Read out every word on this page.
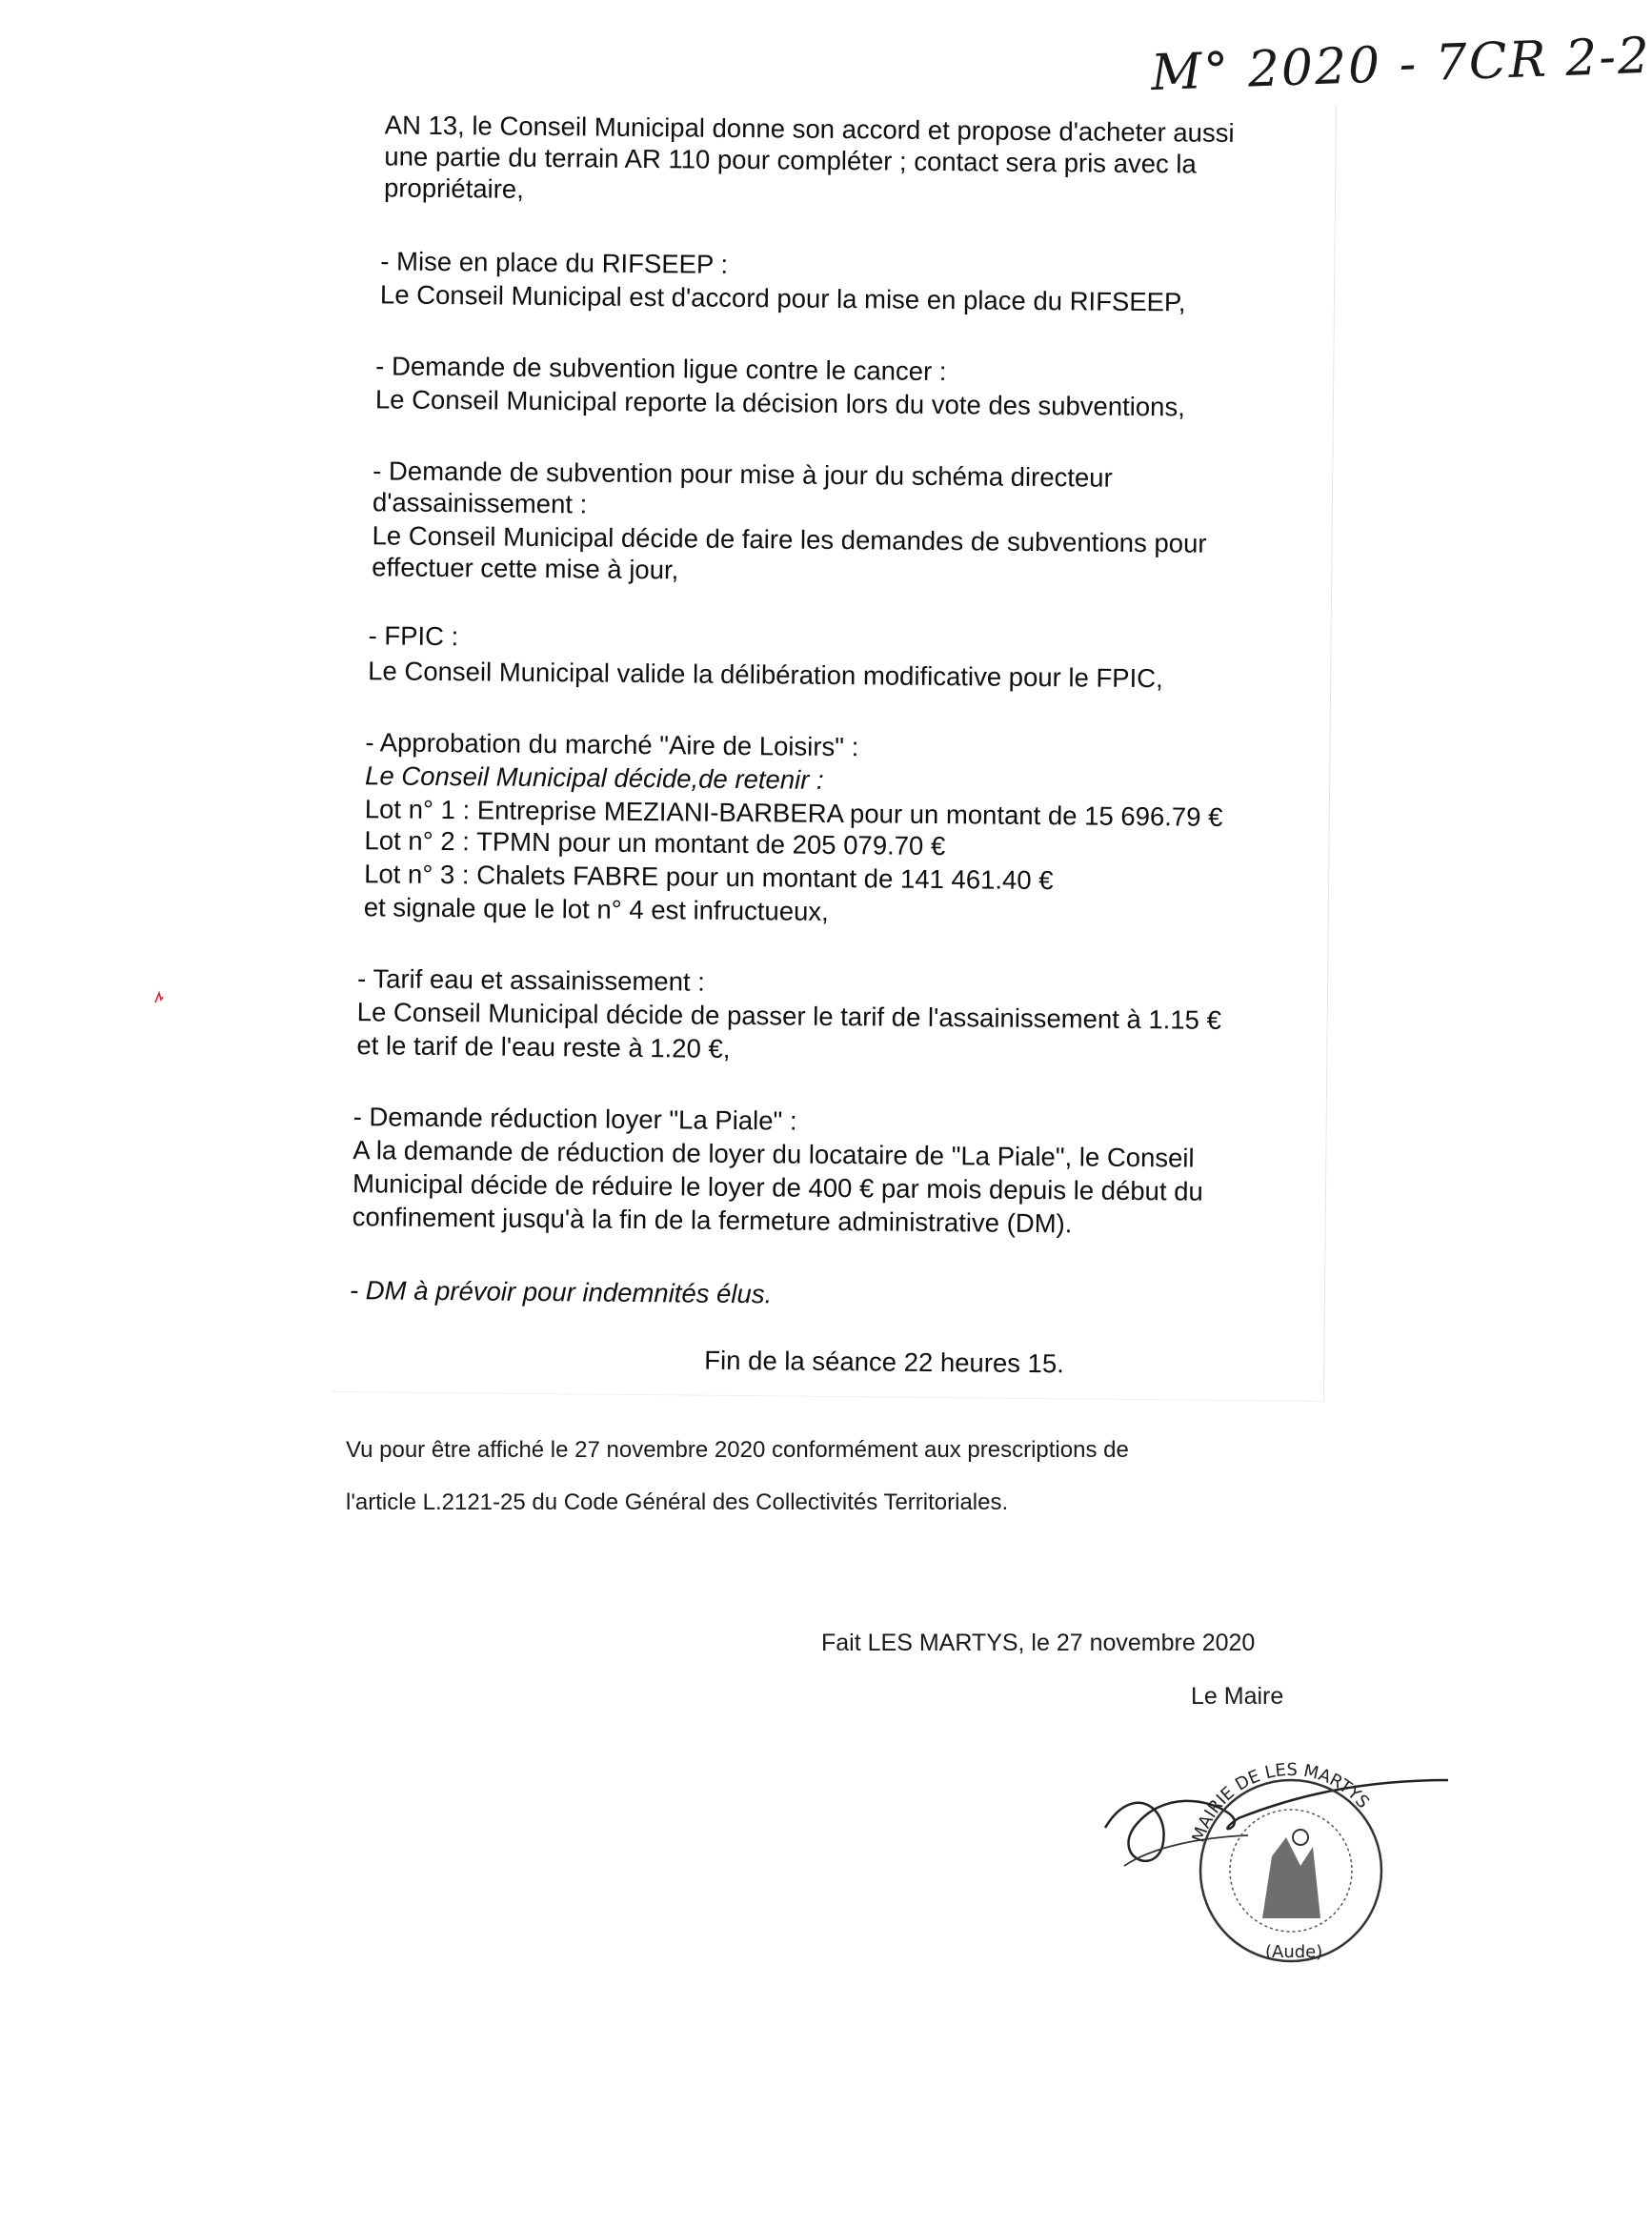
M° 2020 - 7CR 2-2
AN 13, le Conseil Municipal donne son accord et propose d'acheter aussi
une partie du terrain AR 110 pour compléter ; contact sera pris avec la
propriétaire,
- Mise en place du RIFSEEP :
Le Conseil Municipal est d'accord pour la mise en place du RIFSEEP,
- Demande de subvention ligue contre le cancer :
Le Conseil Municipal reporte la décision lors du vote des subventions,
- Demande de subvention pour mise à jour du schéma directeur
d'assainissement :
Le Conseil Municipal décide de faire les demandes de subventions pour
effectuer cette mise à jour,
- FPIC :
Le Conseil Municipal valide la délibération modificative pour le FPIC,
- Approbation du marché "Aire de Loisirs" :
Le Conseil Municipal décide,de retenir :
Lot n° 1 : Entreprise MEZIANI-BARBERA pour un montant de 15 696.79 €
Lot n° 2 : TPMN pour un montant de 205 079.70 €
Lot n° 3 : Chalets FABRE pour un montant de 141 461.40 €
et signale que le lot n° 4 est infructueux,
- Tarif eau et assainissement :
Le Conseil Municipal décide de passer le tarif de l'assainissement à 1.15 €
et le tarif de l'eau reste à 1.20 €,
- Demande réduction loyer "La Piale" :
A la demande de réduction de loyer du locataire de "La Piale", le Conseil
Municipal décide de réduire le loyer de 400 € par mois depuis le début du
confinement jusqu'à la fin de la fermeture administrative (DM).
- DM à prévoir pour indemnités élus.
Fin de la séance 22 heures 15.
Vu pour être affiché le 27 novembre 2020 conformément aux prescriptions de
l'article L.2121-25 du Code Général des Collectivités Territoriales.
Fait LES MARTYS, le 27 novembre 2020
Le Maire
MAIRIE DE LES MARTYS
(Aude)
